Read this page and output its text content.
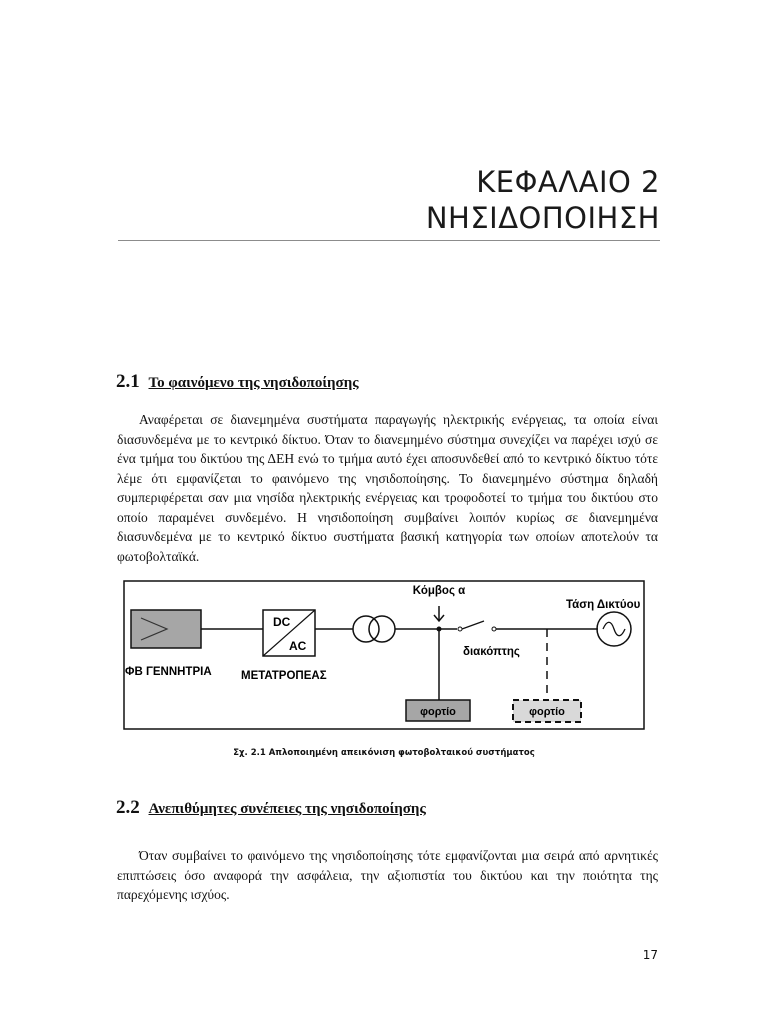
ΚΕΦΑΛΑΙΟ 2
ΝΗΣΙΔΟΠΟΙΗΣΗ
2.1 Το φαινόμενο της νησιδοποίησης

Αναφέρεται σε διανεμημένα συστήματα παραγωγής ηλεκτρικής ενέργειας, τα οποία είναι διασυνδεμένα με το κεντρικό δίκτυο. Όταν το διανεμημένο σύστημα συνεχίζει να παρέχει ισχύ σε ένα τμήμα του δικτύου της ΔΕΗ ενώ το τμήμα αυτό έχει αποσυνδεθεί από το κεντρικό δίκτυο τότε λέμε ότι εμφανίζεται το φαινόμενο της νησιδοποίησης. Το διανεμημένο σύστημα δηλαδή συμπεριφέρεται σαν μια νησίδα ηλεκτρικής ενέργειας και τροφοδοτεί το τμήμα του δικτύου στο οποίο παραμένει συνδεμένο. Η νησιδοποίηση συμβαίνει λοιπόν κυρίως σε διανεμημένα διασυνδεμένα με το κεντρικό δίκτυο συστήματα βασική κατηγορία των οποίων αποτελούν τα φωτοβολταϊκά.

DC
AC
φορτίο	φορτίο
ΦΒ ΓΕΝΝΗΤΡΙΑ	ΜΕΤΑΤΡΟΠΕΑΣ
Κόμβος α
διακόπτης
Τάση Δικτύου
Σχ. 2.1 Απλοποιημένη απεικόνιση φωτοβολταικού συστήματος
2.2 Ανεπιθύμητες συνέπειες της νησιδοποίησης

Όταν συμβαίνει το φαινόμενο της νησιδοποίησης τότε εμφανίζονται μια σειρά από αρνητικές επιπτώσεις όσο αναφορά την ασφάλεια, την αξιοπιστία του δικτύου και την ποιότητα της παρεχόμενης ισχύος.

17
